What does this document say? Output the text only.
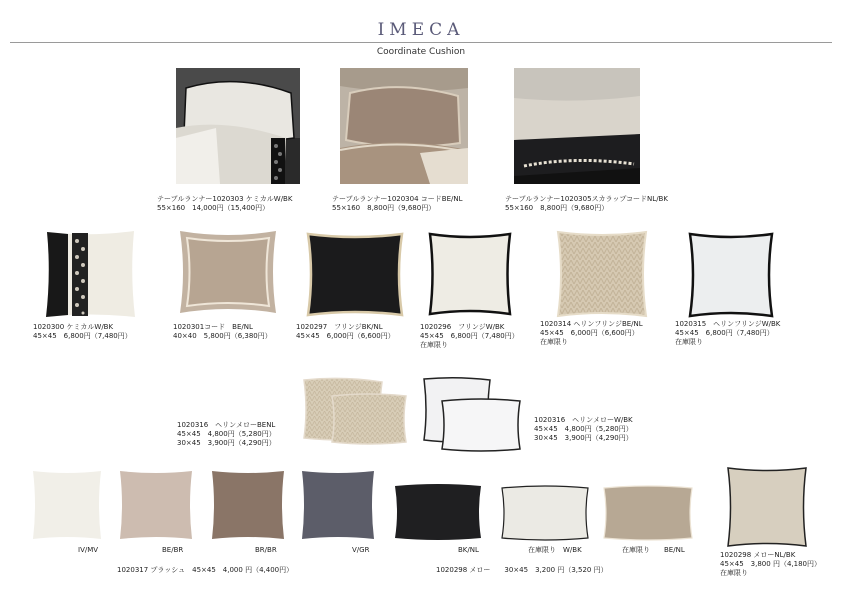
IMECA
Coordinate Cushion
テーブルランナー1020303 ケミカルW/BK
55×160　14,000円（15,400円）
テーブルランナー1020304 コードBE/NL
55×160　8,800円（9,680円）
テーブルランナー1020305スカラップコードNL/BK
55×160　8,800円（9,680円）
1020300 ケミカルW/BK
45×45　6,800円（7,480円）
1020301コード　BE/NL
40×40　5,800円（6,380円）
1020297　フリンジBK/NL
45×45　6,000円（6,600円）
1020296　フリンジW/BK
45×45　6,800円（7,480円）
在庫限り
1020314 ヘリンフリンジBE/NL
45×45　6,000円（6,600円）
在庫限り
1020315　ヘリンフリンジW/BK
45×45　6,800円（7,480円）
在庫限り
1020316　ヘリンメローBENL
45×45　4,800円（5,280円）
30×45　3,900円（4,290円）
1020316　ヘリンメローW/BK
45×45　4,800円（5,280円）
30×45　3,900円（4,290円）
IV/MV	BE/BR	BR/BR	V/GR	BK/NL	在庫限り　W/BK	在庫限り　　BE/NL
1020317 プラッシュ　45×45　4,000 円（4,400円）	1020298 メロー　　30×45　3,200 円（3,520 円）
1020298 メローNL/BK
45×45　3,800 円（4,180円）
在庫限り
